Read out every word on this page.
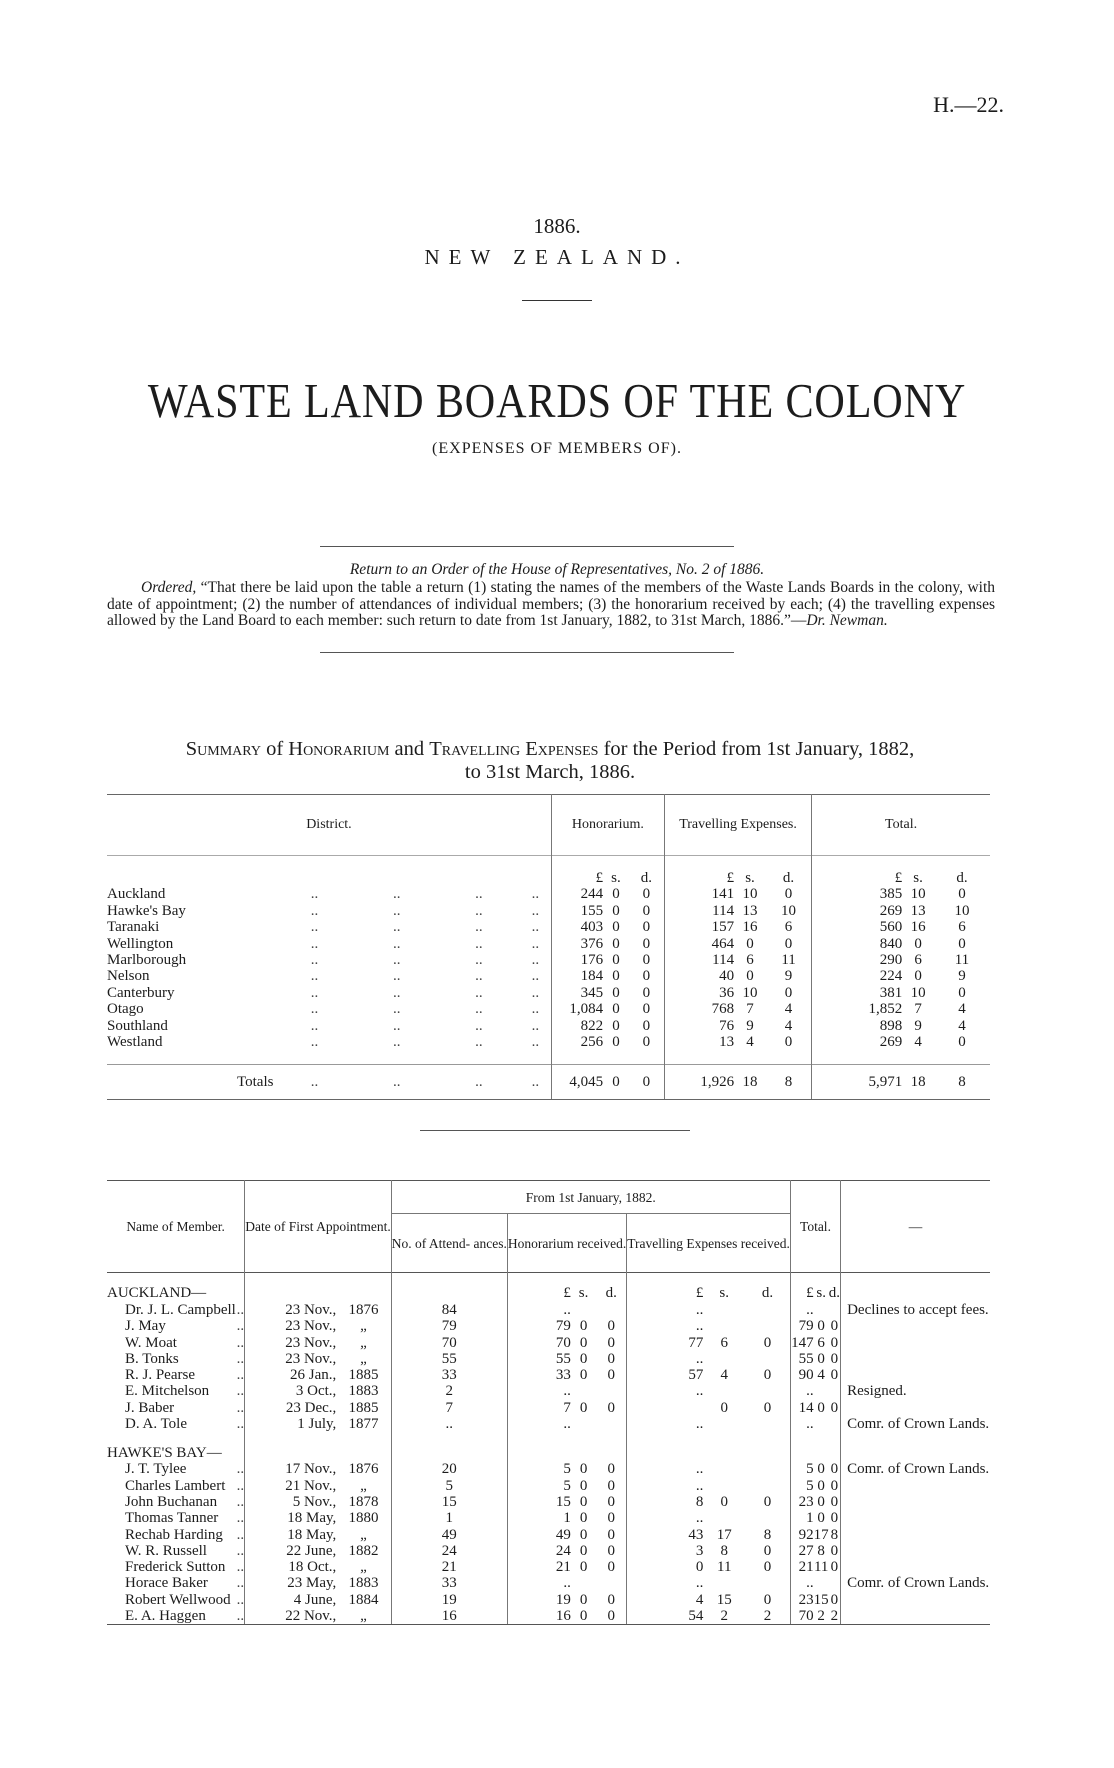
H.—22.
1886.
NEW ZEALAND.
WASTE LAND BOARDS OF THE COLONY
(EXPENSES OF MEMBERS OF).
Return to an Order of the House of Representatives, No. 2 of 1886.
Ordered, “That there be laid upon the table a return (1) stating the names of the members of the Waste Lands Boards in the colony, with date of appointment; (2) the number of attendances of individual members; (3) the honorarium received by each; (4) the travelling expenses allowed by the Land Board to each member: such return to date from 1st January, 1882, to 31st March, 1886.”—Dr. Newman.
Summary of Honorarium and Travelling Expenses for the Period from 1st January, 1882,
to 31st March, 1886.
District.					Honorarium.			Travelling Expenses.			Total.		

					£	s.	d.	£	s.	d.	£	s.	d.
Auckland	..	..	..	..	244	0	0	141	10	0	385	10	0
Hawke's Bay	..	..	..	..	155	0	0	114	13	10	269	13	10
Taranaki	..	..	..	..	403	0	0	157	16	6	560	16	6
Wellington	..	..	..	..	376	0	0	464	0	0	840	0	0
Marlborough	..	..	..	..	176	0	0	114	6	11	290	6	11
Nelson	..	..	..	..	184	0	0	40	0	9	224	0	9
Canterbury	..	..	..	..	345	0	0	36	10	0	381	10	0
Otago	..	..	..	..	1,084	0	0	768	7	4	1,852	7	4
Southland	..	..	..	..	822	0	0	76	9	4	898	9	4
Westland	..	..	..	..	256	0	0	13	4	0	269	4	0

Totals	..	..	..	..	4,045	0	0	1,926	18	8	5,971	18	8
Name of Member.		Date of First Appointment.		From 1st January, 1882.							Total.			—
				No. of Attend- ances.	Honorarium received.			Travelling Expenses received.						

AUCKLAND—					£	s.	d.	£	s.	d.	£	s.	d.	
Dr. J. L. Campbell	..	23 Nov.,	1876	84	..			..			..			Declines to accept fees.
J. May	..	23 Nov.,	„	79	79	0	0	..			79	0	0	
W. Moat	..	23 Nov.,	„	70	70	0	0	77	6	0	147	6	0	
B. Tonks	..	23 Nov.,	„	55	55	0	0	..			55	0	0	
R. J. Pearse	..	26 Jan.,	1885	33	33	0	0	57	4	0	90	4	0	
E. Mitchelson	..	3 Oct.,	1883	2	..			..			..			Resigned.
J. Baber	..	23 Dec.,	1885	7	7	0	0		0	0	14	0	0	
D. A. Tole	..	1 July,	1877	..	..			..			..			Comr. of Crown Lands.

HAWKE'S BAY—														
J. T. Tylee	..	17 Nov.,	1876	20	5	0	0	..			5	0	0	Comr. of Crown Lands.
Charles Lambert	..	21 Nov.,	„	5	5	0	0	..			5	0	0	
John Buchanan	..	5 Nov.,	1878	15	15	0	0	8	0	0	23	0	0	
Thomas Tanner	..	18 May,	1880	1	1	0	0	..			1	0	0	
Rechab Harding	..	18 May,	„	49	49	0	0	43	17	8	92	17	8	
W. R. Russell	..	22 June,	1882	24	24	0	0	3	8	0	27	8	0	
Frederick Sutton	..	18 Oct.,	„	21	21	0	0	0	11	0	21	11	0	
Horace Baker	..	23 May,	1883	33	..			..			..			Comr. of Crown Lands.
Robert Wellwood	..	4 June,	1884	19	19	0	0	4	15	0	23	15	0	
E. A. Haggen	..	22 Nov.,	„	16	16	0	0	54	2	2	70	2	2	
